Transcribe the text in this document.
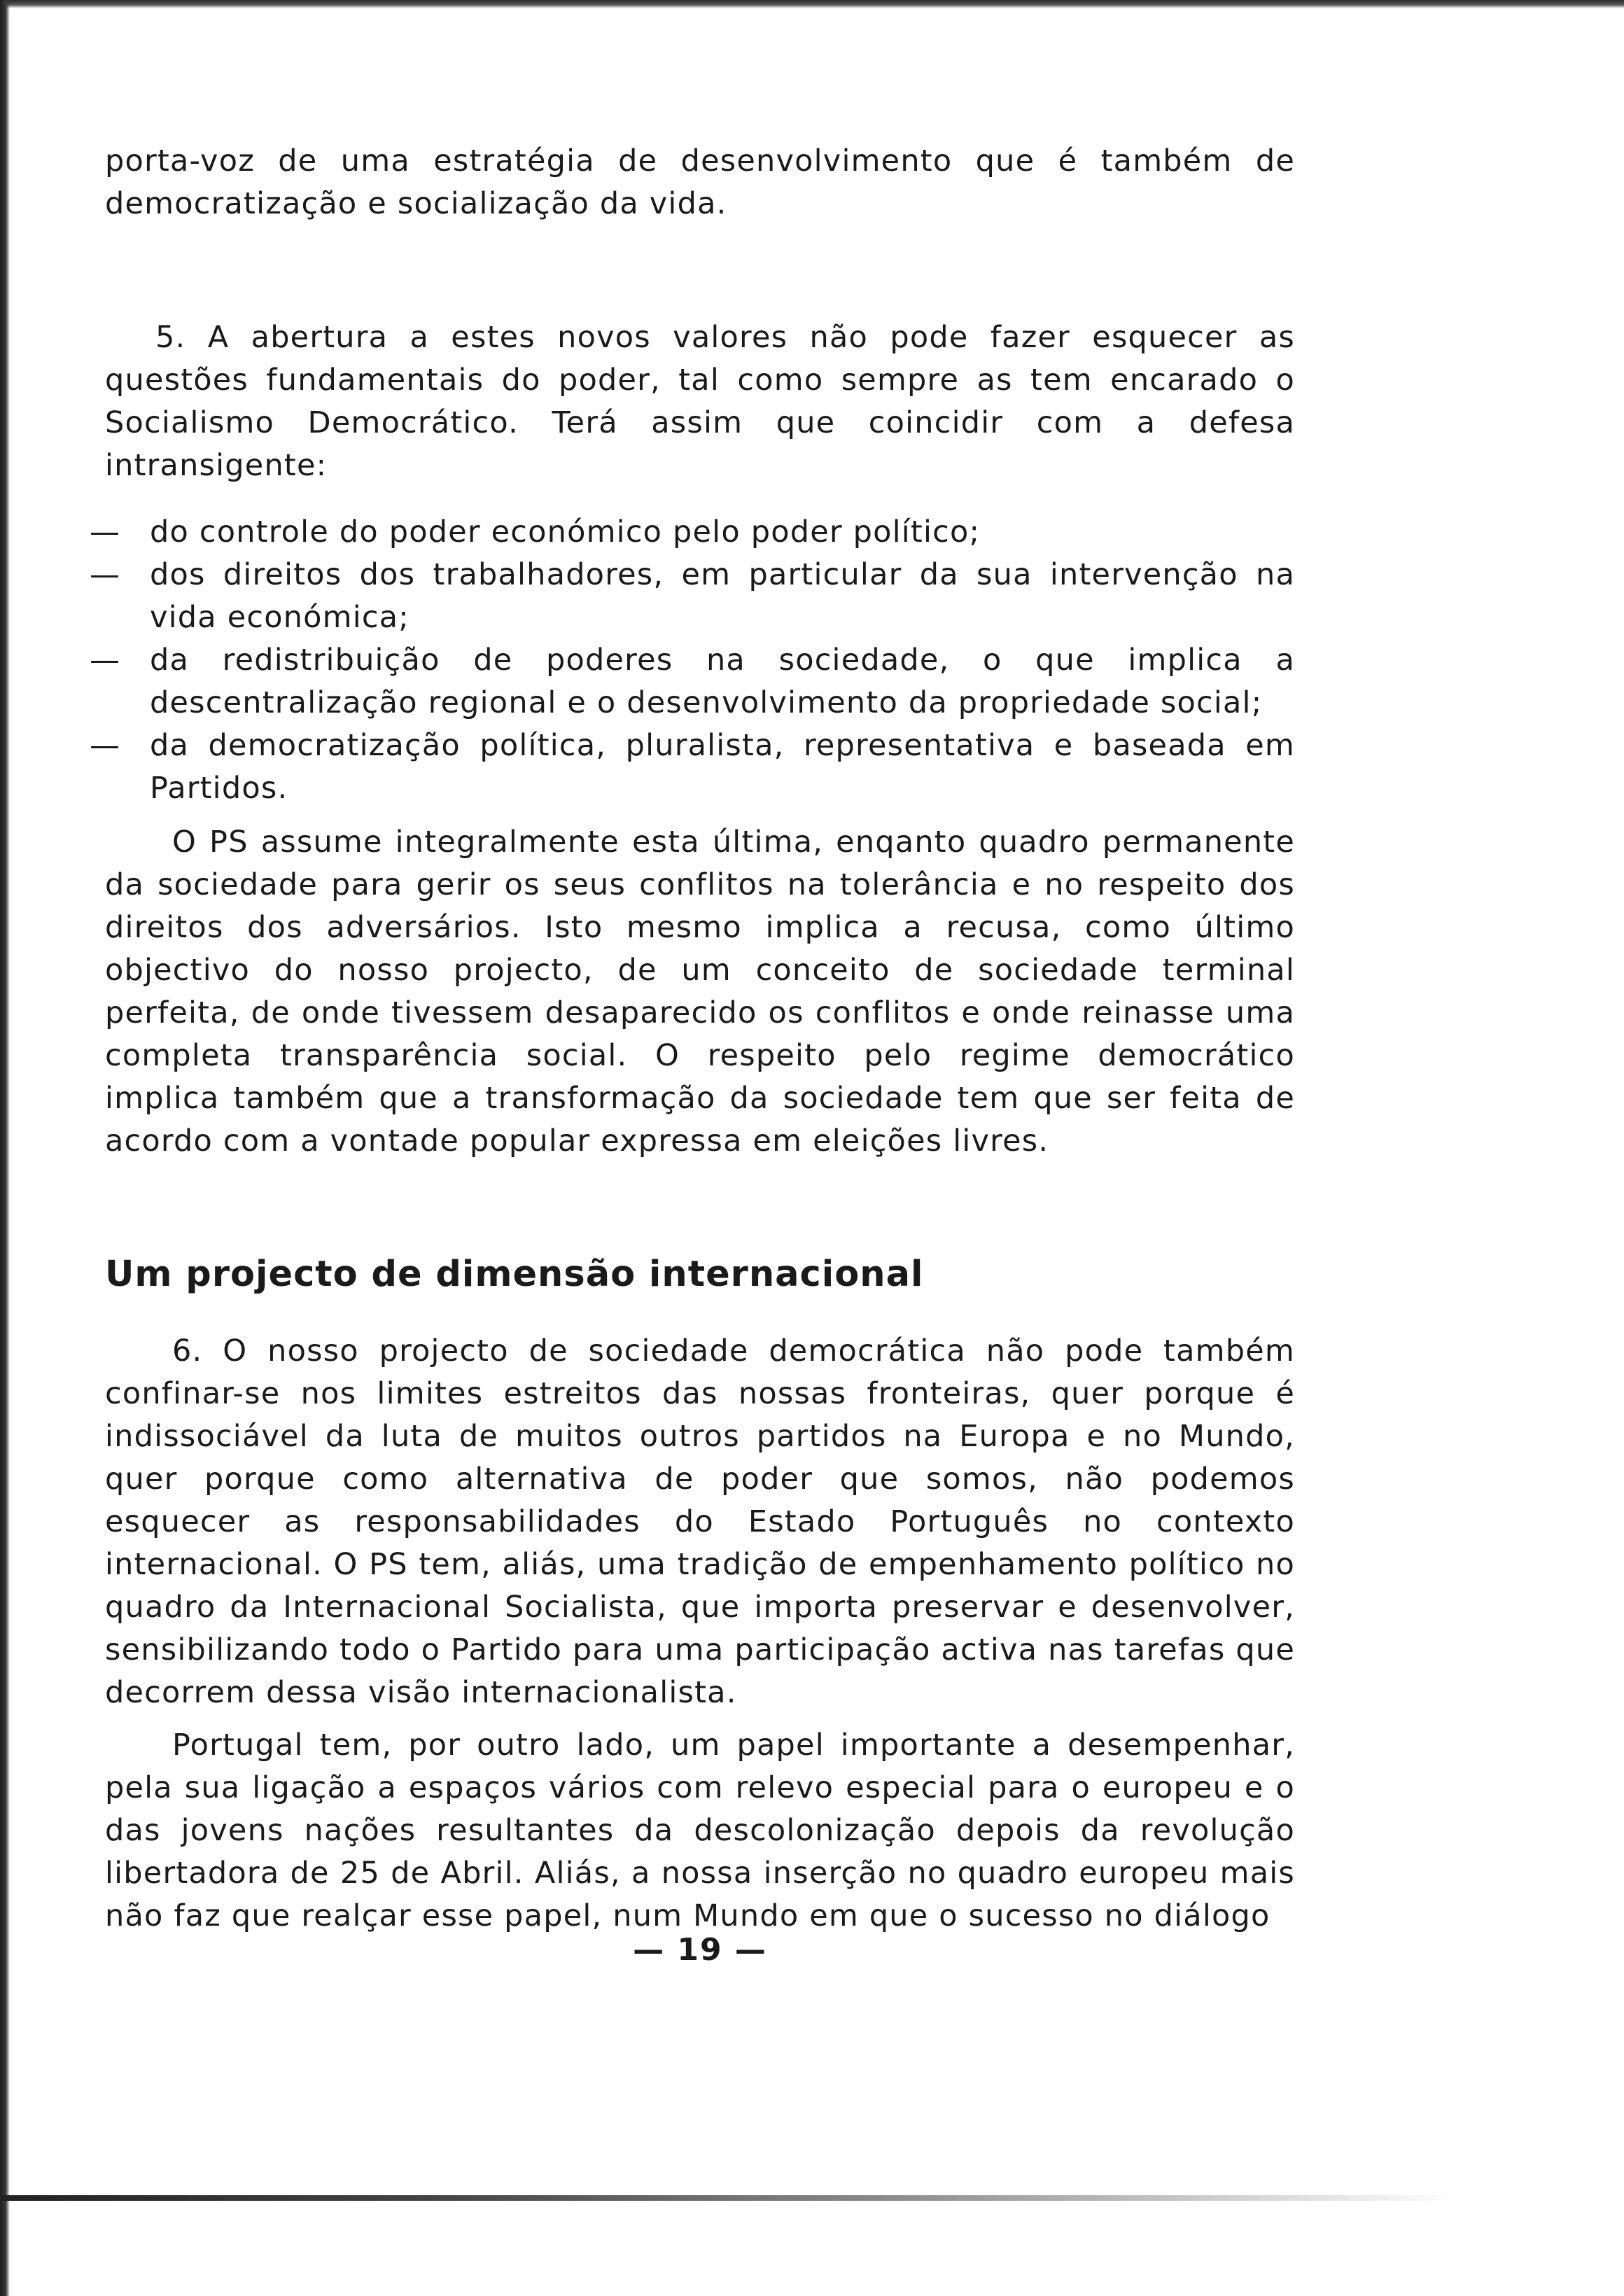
porta-voz de uma estratégia de desenvolvimento que é também de democratização e socialização da vida.

5. A abertura a estes novos valores não pode fazer esquecer as questões fundamentais do poder, tal como sempre as tem encarado o Socialismo Democrático. Terá assim que coincidir com a defesa intransigente:

— do controle do poder económico pelo poder político;
— dos direitos dos trabalhadores, em particular da sua intervenção na vida económica;
— da redistribuição de poderes na sociedade, o que implica a descentralização regional e o desenvolvimento da propriedade social;
— da democratização política, pluralista, representativa e baseada em Partidos.

O PS assume integralmente esta última, enqanto quadro permanente da sociedade para gerir os seus conflitos na tolerância e no respeito dos direitos dos adversários. Isto mesmo implica a recusa, como último objectivo do nosso projecto, de um conceito de sociedade terminal perfeita, de onde tivessem desaparecido os conflitos e onde reinasse uma completa transparência social. O respeito pelo regime democrático implica também que a transformação da sociedade tem que ser feita de acordo com a vontade popular expressa em eleições livres.

Um projecto de dimensão internacional

6. O nosso projecto de sociedade democrática não pode também confinar-se nos limites estreitos das nossas fronteiras, quer porque é indissociável da luta de muitos outros partidos na Europa e no Mundo, quer porque como alternativa de poder que somos, não podemos esquecer as responsabilidades do Estado Português no contexto internacional. O PS tem, aliás, uma tradição de empenhamento político no quadro da Internacional Socialista, que importa preservar e desenvolver, sensibilizando todo o Partido para uma participação activa nas tarefas que decorrem dessa visão internacionalista.

Portugal tem, por outro lado, um papel importante a desempenhar, pela sua ligação a espaços vários com relevo especial para o europeu e o das jovens nações resultantes da descolonização depois da revolução libertadora de 25 de Abril. Aliás, a nossa inserção no quadro europeu mais não faz que realçar esse papel, num Mundo em que o sucesso no diálogo

— 19 —
